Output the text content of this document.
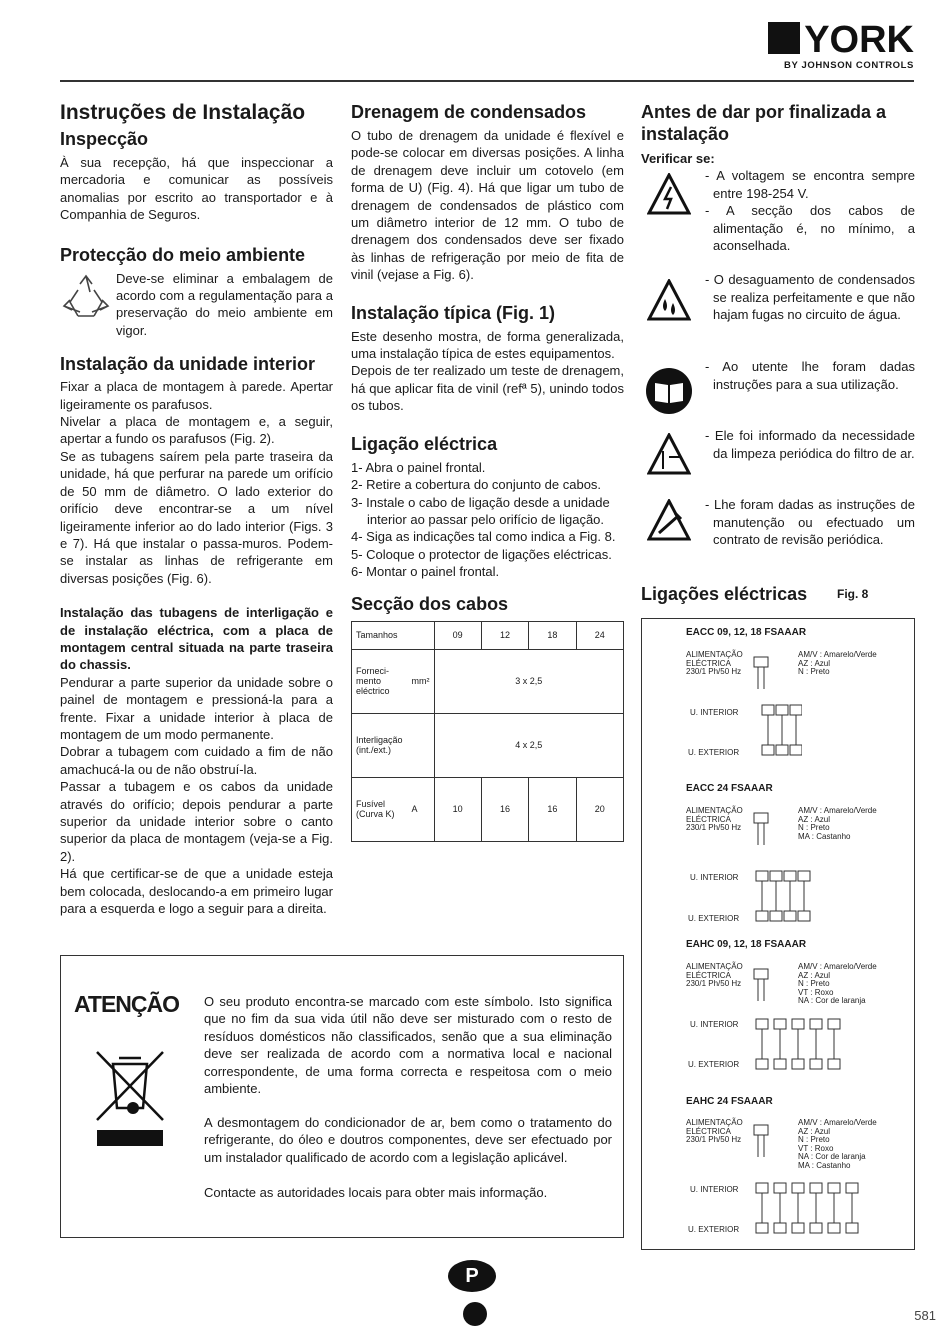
YORK
BY JOHNSON CONTROLS
Instruções de Instalação
Inspecção

À sua recepção, há que inspeccionar a mercadoria e comunicar as possíveis anomalias por escrito ao transportador e à Companhia de Seguros.

Protecção do meio ambiente

Deve-se eliminar a embalagem de acordo com a regulamentação para a preservação do meio ambiente em vigor.

Instalação da unidade interior

Fixar a placa de montagem à parede. Apertar ligeiramente os parafusos.
Nivelar a placa de montagem e, a seguir, apertar a fundo os parafusos (Fig. 2).
Se as tubagens saírem pela parte traseira da unidade, há que perfurar na parede um orifício de 50 mm de diâmetro. O lado exterior do orifício deve encontrar-se a um nível ligeiramente inferior ao do lado interior (Figs. 3 e 7). Há que instalar o passa-muros. Podem-se instalar as linhas de refrigerante em diversas posições (Fig. 6).

Instalação das tubagens de interligação e de instalação eléctrica, com a placa de montagem central situada na parte traseira do chassis.

Pendurar a parte superior da unidade sobre o painel de montagem e pressioná-la para a frente. Fixar a unidade interior à placa de montagem de um modo permanente.
Dobrar a tubagem com cuidado a fim de não amachucá-la ou de não obstruí-la.
Passar a tubagem e os cabos da unidade através do orifício; depois pendurar a parte superior da unidade interior sobre o canto superior da placa de montagem (veja-se a Fig. 2).
Há que certificar-se de que a unidade esteja bem colocada, deslocando-a em primeiro lugar para a esquerda e logo a seguir para a direita.

Drenagem de condensados

O tubo de drenagem da unidade é flexível e pode-se colocar em diversas posições. A linha de drenagem deve incluir um cotovelo (em forma de U) (Fig. 4). Há que ligar um tubo de drenagem de condensados de plástico com um diâmetro interior de 12 mm. O tubo de drenagem dos condensados deve ser fixado às linhas de refrigeração por meio de fita de vinil (vejase a Fig. 6).

Instalação típica (Fig. 1)

Este desenho mostra, de forma generalizada, uma instalação típica de estes equipamentos.
Depois de ter realizado um teste de drenagem, há que aplicar fita de vinil (refª 5), unindo todos os tubos.

Ligação eléctrica

1- Abra o painel frontal.

2- Retire a cobertura do conjunto de cabos.

3- Instale o cabo de ligação desde a unidade interior ao passar pelo orifício de ligação.

4- Siga as indicações tal como indica a Fig. 8.

5- Coloque o protector de ligações eléctricas.

6- Montar o painel frontal.

Secção dos cabos
Tamanhos		09	12	18	24
Forneci-
mento
eléctrico	mm²	3 x 2,5			
Interligação
(int./ext.)		4 x 2,5			
Fusível
(Curva K)	A	10	16	16	20
Antes de dar por finalizada a instalação

Verificar se:

- A voltagem se encontra sempre entre 198-254 V.

- A secção dos cabos de alimentação é, no mínimo, a aconselhada.

- O desaguamento de condensados se realiza perfeitamente e que não hajam fugas no circuito de água.

- Ao utente lhe foram dadas instruções para a sua utilização.

- Ele foi informado da necessidade da limpeza periódica do filtro de ar.

- Lhe foram dadas as instruções de manutenção ou efectuado um contrato de revisão periódica.

Ligações eléctricas Fig. 8
EACC 09, 12, 18 FSAAAR
ALIMENTAÇÃO
ELÉCTRICA
230/1 Ph/50 Hz
AM/V : Amarelo/Verde
AZ : Azul
N : Preto
U. INTERIOR
U. EXTERIOR
EACC 24 FSAAAR
ALIMENTAÇÃO
ELÉCTRICA
230/1 Ph/50 Hz
AM/V : Amarelo/Verde
AZ : Azul
N : Preto
MA : Castanho
U. INTERIOR
U. EXTERIOR
EAHC 09, 12, 18 FSAAAR
ALIMENTAÇÃO
ELÉCTRICA
230/1 Ph/50 Hz
AM/V : Amarelo/Verde
AZ : Azul
N : Preto
VT : Roxo
NA : Cor de laranja
U. INTERIOR
U. EXTERIOR
EAHC 24 FSAAAR
ALIMENTAÇÃO
ELÉCTRICA
230/1 Ph/50 Hz
AM/V : Amarelo/Verde
AZ : Azul
N : Preto
VT : Roxo
NA : Cor de laranja
MA : Castanho
U. INTERIOR
U. EXTERIOR
ATENÇÃO O seu produto encontra-se marcado com este símbolo. Isto significa que no fim da sua vida útil não deve ser misturado com o resto de resíduos domésticos não classificados, senão que a sua eliminação deve ser realizada de acordo com a normativa local e nacional correspondente, de uma forma correcta e respeitosa com o meio ambiente.

A desmontagem do condicionador de ar, bem como o tratamento do refrigerante, do óleo e doutros componentes, deve ser efectuado por um instalador qualificado de acordo com a legislação aplicável.

Contacte as autoridades locais para obter mais informação.

P
581
